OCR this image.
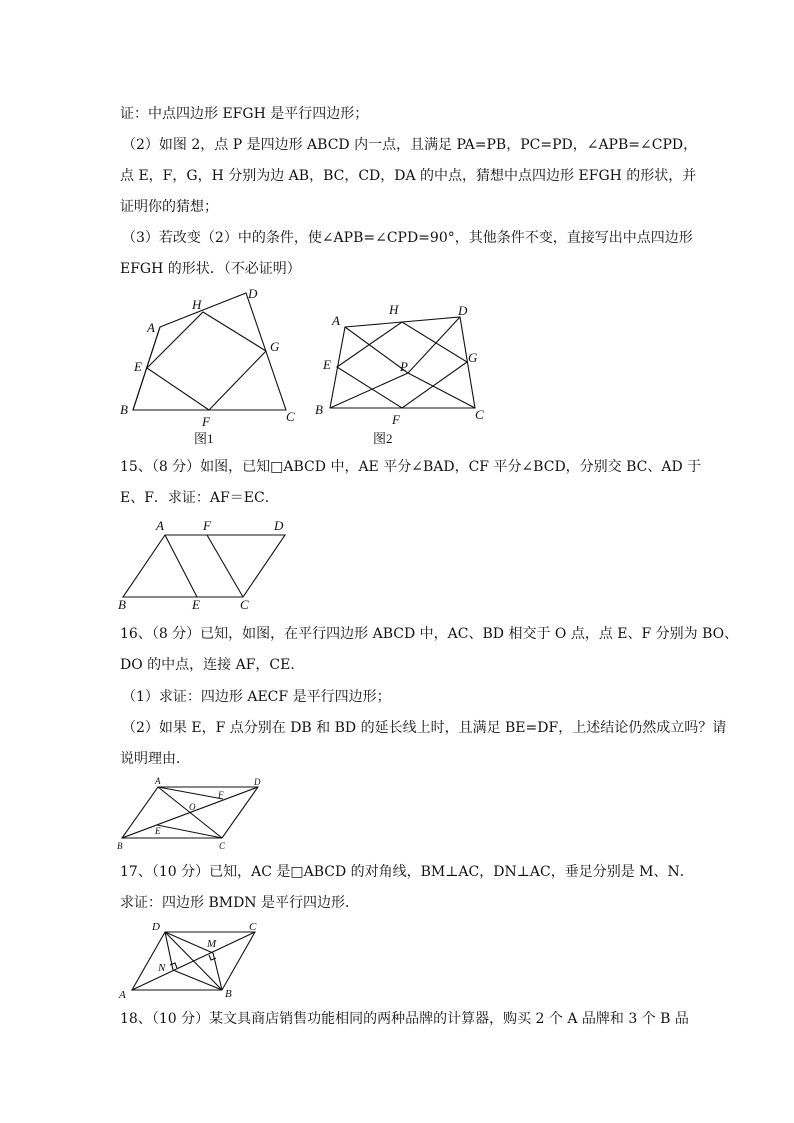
证：中点四边形 EFGH 是平行四边形；
（2）如图 2，点 P 是四边形 ABCD 内一点，且满足 PA=PB，PC=PD，∠APB=∠CPD，
点 E，F，G，H 分别为边 AB，BC，CD，DA 的中点，猜想中点四边形 EFGH 的形状，并
证明你的猜想；
（3）若改变（2）中的条件，使∠APB=∠CPD=90°，其他条件不变，直接写出中点四边形
EFGH 的形状．（不必证明）
A
H
D
E
G
B
F	C
图1
A
H	D
E	P
G
B
F	C
图2
15、（8 分）如图，已知□ABCD 中，AE 平分∠BAD，CF 平分∠BCD，分别交 BC、AD 于
E、F．求证：AF＝EC．
A	F	D
B	E	C
16、（8 分）已知，如图，在平行四边形 ABCD 中，AC、BD 相交于 O 点，点 E、F 分别为 BO、
DO 的中点，连接 AF，CE．
（1）求证：四边形 AECF 是平行四边形；
（2）如果 E，F 点分别在 DB 和 BD 的延长线上时，且满足 BE=DF，上述结论仍然成立吗？请
说明理由．
A	D
F
O
E
B	C
17、（10 分）已知，AC 是□ABCD 的对角线，BM⊥AC，DN⊥AC，垂足分别是 M、N．
求证：四边形 BMDN 是平行四边形．
D	C
M
N
A	B
18、（10 分）某文具商店销售功能相同的两种品牌的计算器，购买 2 个 A 品牌和 3 个 B 品
